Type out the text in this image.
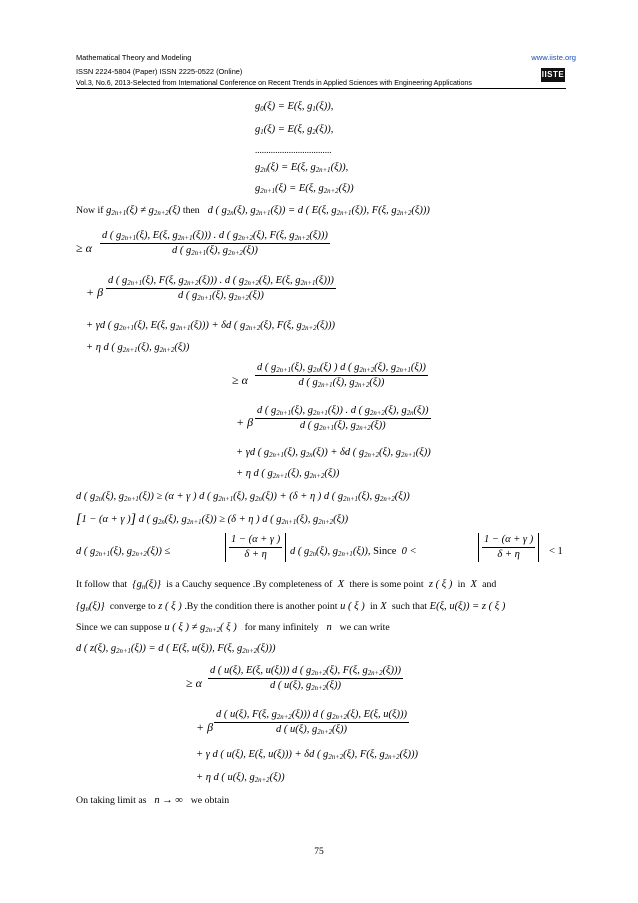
Mathematical Theory and Modeling
ISSN 2224-5804 (Paper) ISSN 2225-0522 (Online)
Vol.3, No.6, 2013-Selected from International Conference on Recent Trends in Applied Sciences with Engineering Applications
www.iiste.org
IISTE
$g_0(\xi) = E(\xi$, $g_1(\xi)$),
$g_1(\xi) = E(\xi$, $g_2(\xi)$),
..................................
$g_{2n}(\xi) = E(\xi$, $g_{2n+1}(\xi)$),
$g_{2n+1}(\xi) = E(\xi$, $g_{2n+2}(\xi)$)
Now if $g_{2n+1}(\xi) \ne g_{2n+2}(\xi)$ then   d ( $g_{2n}(\xi)$, $g_{2n+1}(\xi)) = d$ ( E(ξ, $g_{2n+1}(\xi)$), F(ξ, $g_{2n+2}(\xi)$))
≥ α
d ( $g_{2n+1}(\xi)$, E(ξ, $g_{2n+1}(\xi)$)) . d ( $g_{2n+2}(\xi)$, F(ξ, $g_{2n+2}(\xi)$))
d ( $g_{2n+1}(\xi)$, $g_{2n+2}(\xi)$)
+ β
d ( $g_{2n+1}(\xi)$, F(ξ, $g_{2n+2}(\xi)$)) . d ( $g_{2n+2}(\xi)$, E(ξ, $g_{2n+1}(\xi)$))
d ( $g_{2n+1}(\xi)$, $g_{2n+2}(\xi)$)
+ γd ( $g_{2n+1}(\xi)$, E(ξ, $g_{2n+1}(\xi))) + \delta d$ ( $g_{2n+2}(\xi)$, F(ξ, $g_{2n+2}(\xi)$))
+ η d ( $g_{2n+1}(\xi)$, $g_{2n+2}(\xi)$)
≥ α $\frac{d ( g_{2n+1}(\xi), g_{2n}(\xi) ) d ( g_{2n+2}(\xi), g_{2n+1}(\xi))}{d ( g_{2n+1}(\xi), g_{2n+2}(\xi))}$
+ β $\frac{d ( g_{2n+1}(\xi), g_{2n+1}(\xi)) . d ( g_{2n+2}(\xi), g_{2n}(\xi))}{d ( g_{2n+1}(\xi), g_{2n+2}(\xi))}$
+ γd ( $g_{2n+1}(\xi)$, $g_{2n}(\xi)) + \delta d$ ( $g_{2n+2}(\xi)$, $g_{2n+1}(\xi)$)
+ η d ( $g_{2n+1}(\xi)$, $g_{2n+2}(\xi)$)
d ( $g_{2n}(\xi)$, $g_{2n+1}(\xi)) \ge (\alpha + \gamma$ ) d ( $g_{2n+1}(\xi)$, $g_{2n}(\xi)) + (\delta + \eta$ ) d ( $g_{2n+1}(\xi)$, $g_{2n+2}(\xi)$)
[1 − (α + γ )] d ( $g_{2n}(\xi)$, $g_{2n+1}(\xi)) \ge (\delta + \eta$ ) d ( $g_{2n+1}(\xi)$, $g_{2n+2}(\xi)$)
d ( $g_{2n+1}(\xi)$, $g_{2n+2}(\xi)$) ≤	$\frac{1 - (\alpha + \gamma )}{\delta + \eta}$ d ( $g_{2n}(\xi)$, $g_{2n+1}(\xi)$), Since  0 <	$\frac{1 - (\alpha + \gamma )}{\delta + \eta} < 1$
It follow that  $\{g_n(\xi)\}$  is a Cauchy sequence .By completeness of  X  there is some point  z ( ξ )  in  X  and
$\{g_n(\xi)\}$  converge to z ( ξ ) .By the condition there is another point u ( ξ )  in X  such that E(ξ, u(ξ)) = z ( ξ )
Since we can suppose u ( ξ ) ≠ $g_{2n+2}$( ξ )   for many infinitely   n   we can write
d ( z(ξ), $g_{2n+1}(\xi)) = d$ ( E(ξ, u(ξ)), F(ξ, $g_{2n+2}(\xi)$))
≥ α $\frac{d ( u(\xi), E(\xi, u(\xi))) d ( g_{2n+2}(\xi), F(\xi, g_{2n+2}(\xi)))}{d ( u(\xi), g_{2n+2}(\xi))}$
+ β $\frac{d ( u(\xi), F(\xi, g_{2n+2}(\xi))) d ( g_{2n+2}(\xi), E(\xi, u(\xi)))}{d ( u(\xi), g_{2n+2}(\xi))}$
+ γ d ( u(ξ), E(ξ, u(ξ))) + δd ( $g_{2n+2}(\xi)$, F(ξ, $g_{2n+2}(\xi)$))
+ η d ( u(ξ), $g_{2n+2}(\xi)$)
On taking limit as   n → ∞   we obtain
75
